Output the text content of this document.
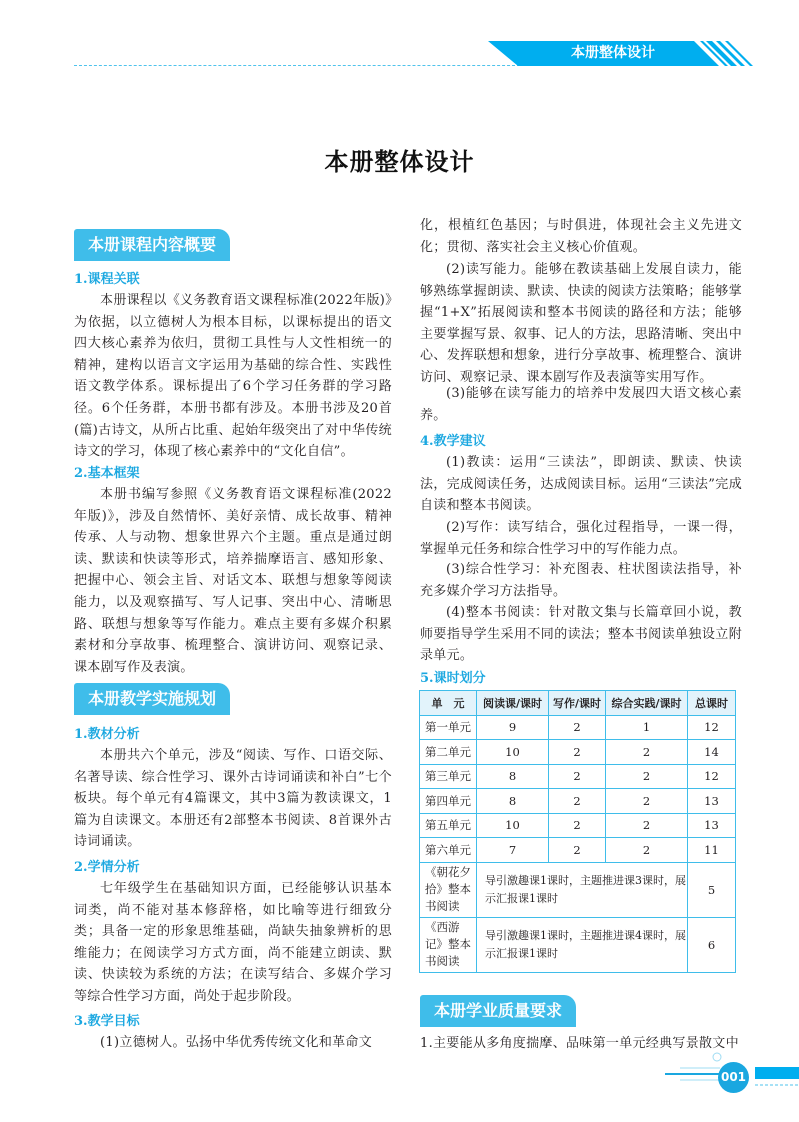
本册整体设计
本册整体设计
本册课程内容概要
1.课程关联
本册课程以《义务教育语文课程标准(2022年版)》为依据，以立德树人为根本目标，以课标提出的语文四大核心素养为依归，贯彻工具性与人文性相统一的精神，建构以语言文字运用为基础的综合性、实践性语文教学体系。课标提出了6个学习任务群的学习路径。6个任务群，本册书都有涉及。本册书涉及20首(篇)古诗文，从所占比重、起始年级突出了对中华传统诗文的学习，体现了核心素养中的“文化自信”。
2.基本框架
本册书编写参照《义务教育语文课程标准(2022年版)》，涉及自然情怀、美好亲情、成长故事、精神传承、人与动物、想象世界六个主题。重点是通过朗读、默读和快读等形式，培养揣摩语言、感知形象、把握中心、领会主旨、对话文本、联想与想象等阅读能力，以及观察描写、写人记事、突出中心、清晰思路、联想与想象等写作能力。难点主要有多媒介积累素材和分享故事、梳理整合、演讲访问、观察记录、课本剧写作及表演。
本册教学实施规划
1.教材分析
本册共六个单元，涉及“阅读、写作、口语交际、名著导读、综合性学习、课外古诗词诵读和补白”七个板块。每个单元有4篇课文，其中3篇为教读课文，1篇为自读课文。本册还有2部整本书阅读、8首课外古诗词诵读。
2.学情分析
七年级学生在基础知识方面，已经能够认识基本词类，尚不能对基本修辞格，如比喻等进行细致分类；具备一定的形象思维基础，尚缺失抽象辨析的思维能力；在阅读学习方式方面，尚不能建立朗读、默读、快读较为系统的方法；在读写结合、多媒介学习等综合性学习方面，尚处于起步阶段。
3.教学目标
(1)立德树人。弘扬中华优秀传统文化和革命文
化，根植红色基因；与时俱进，体现社会主义先进文化；贯彻、落实社会主义核心价值观。
(2)读写能力。能够在教读基础上发展自读力，能够熟练掌握朗读、默读、快读的阅读方法策略；能够掌握“1+X”拓展阅读和整本书阅读的路径和方法；能够主要掌握写景、叙事、记人的方法，思路清晰、突出中心、发挥联想和想象，进行分享故事、梳理整合、演讲访问、观察记录、课本剧写作及表演等实用写作。
(3)能够在读写能力的培养中发展四大语文核心素养。
4.教学建议
(1)教读：运用“三读法”，即朗读、默读、快读法，完成阅读任务，达成阅读目标。运用“三读法”完成自读和整本书阅读。
(2)写作：读写结合，强化过程指导，一课一得，掌握单元任务和综合性学习中的写作能力点。
(3)综合性学习：补充图表、柱状图读法指导，补充多媒介学习方法指导。
(4)整本书阅读：针对散文集与长篇章回小说，教师要指导学生采用不同的读法；整本书阅读单独设立附录单元。
5.课时划分
单　元	阅读课/课时	写作/课时	综合实践/课时	总课时
第一单元	9	2	1	12
第二单元	10	2	2	14
第三单元	8	2	2	12
第四单元	8	2	2	13
第五单元	10	2	2	13
第六单元	7	2	2	11
《朝花夕拾》整本书阅读	导引激趣课1课时，主题推进课3课时，展示汇报课1课时			5
《西游记》整本书阅读	导引激趣课1课时，主题推进课4课时，展示汇报课1课时			6
本册学业质量要求
1.主要能从多角度揣摩、品味第一单元经典写景散文中
001
